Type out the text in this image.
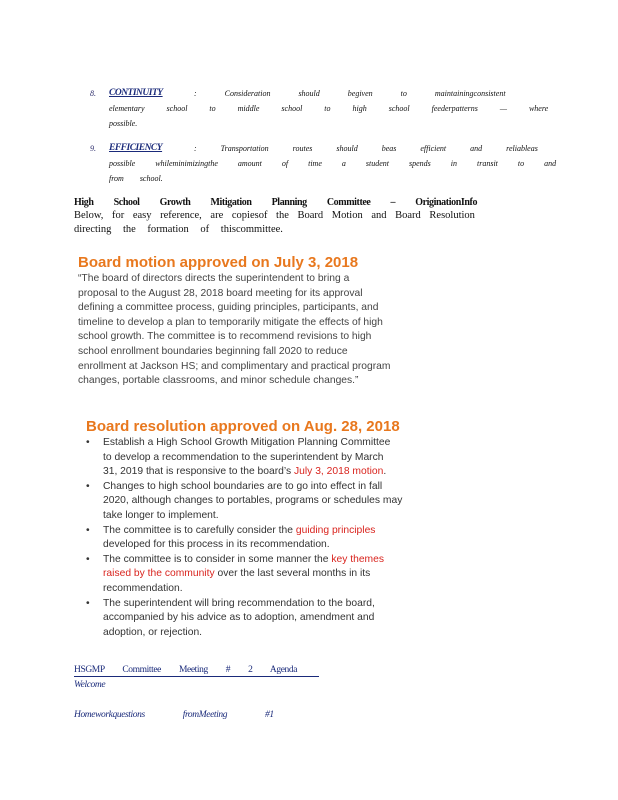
8. CONTINUITY	: Consideration should begiven to maintainingconsistent
elementary school to middle school to high school feederpatterns — where
possible.
9. EFFICIENCY	: Transportation routes should beas efficient and reliableas
possible whileminimizingthe amount of time a student spends in transit to and
from school.
High School Growth Mitigation Planning Committee – OriginationInfo
Below, for easy reference, are copiesof the Board Motion and Board Resolution
directing the formation of thiscommittee.
Board motion approved on July 3, 2018
“The board of directors directs the superintendent to bring a
proposal to the August 28, 2018 board meeting for its approval
defining a committee process, guiding principles, participants, and
timeline to develop a plan to temporarily mitigate the effects of high
school growth. The committee is to recommend revisions to high
school enrollment boundaries beginning fall 2020 to reduce
enrollment at Jackson HS; and complimentary and practical program
changes, portable classrooms, and minor schedule changes.”
Board resolution approved on Aug. 28, 2018
• Establish a High School Growth Mitigation Planning Committee
to develop a recommendation to the superintendent by March
31, 2019 that is responsive to the board’s July 3, 2018 motion.
• Changes to high school boundaries are to go into effect in fall
2020, although changes to portables, programs or schedules may
take longer to implement.
• The committee is to carefully consider the guiding principles
developed for this process in its recommendation.
• The committee is to consider in some manner the key themes
raised by the community over the last several months in its
recommendation.
• The superintendent will bring recommendation to the board,
accompanied by his advice as to adoption, amendment and
adoption, or rejection.
HSGMP Committee Meeting # 2 Agenda
Welcome
Homeworkquestions fromMeeting #1
